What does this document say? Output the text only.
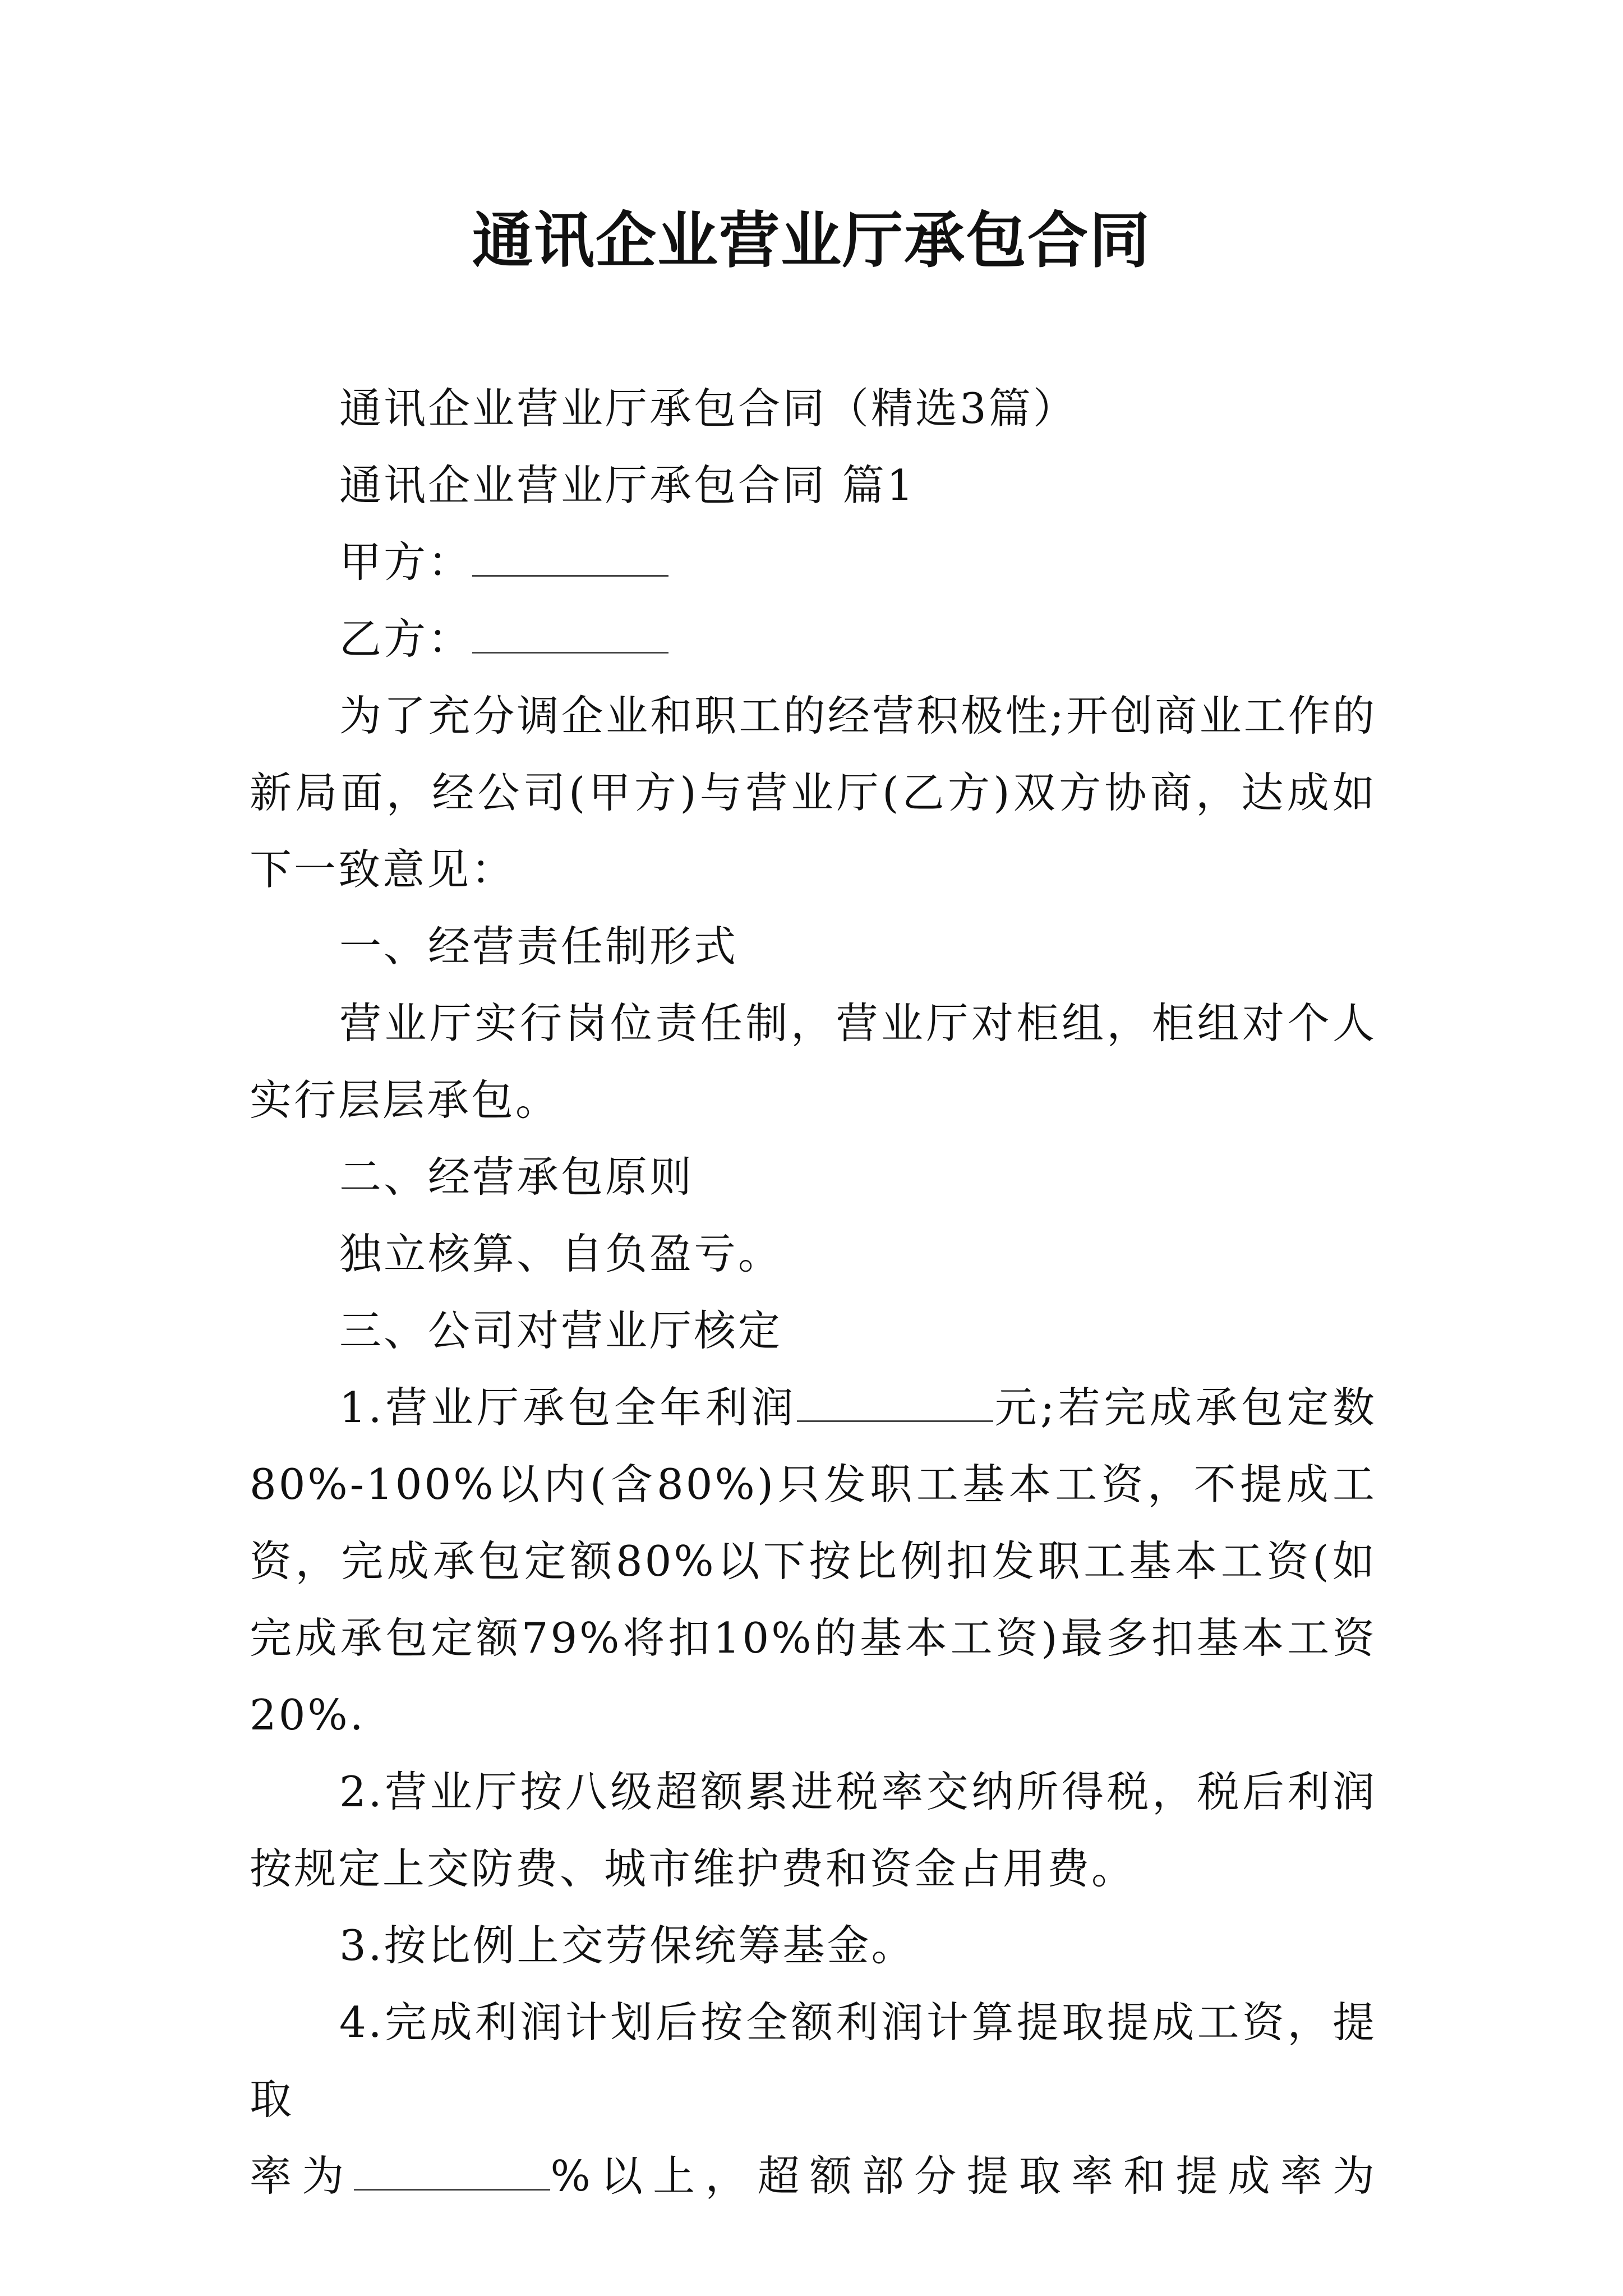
通讯企业营业厅承包合同

通讯企业营业厅承包合同（精选3篇）

通讯企业营业厅承包合同 篇1

甲方：

乙方：

为了充分调企业和职工的经营积极性;开创商业工作的新局面，经公司(甲方)与营业厅(乙方)双方协商，达成如下一致意见：

一、经营责任制形式

营业厅实行岗位责任制，营业厅对柜组，柜组对个人实行层层承包。

二、经营承包原则

独立核算、自负盈亏。

三、公司对营业厅核定

1.营业厅承包全年利润	元;若完成承包定数80%-100%以内(含80%)只发职工基本工资，不提成工资，完成承包定额80%以下按比例扣发职工基本工资(如完成承包定额79%将扣10%的基本工资)最多扣基本工资20%.

2.营业厅按八级超额累进税率交纳所得税，税后利润按规定上交防费、城市维护费和资金占用费。

3.按比例上交劳保统筹基金。

4.完成利润计划后按全额利润计算提取提成工资，提取

率为	%以上，超额部分提取率和提成率为
